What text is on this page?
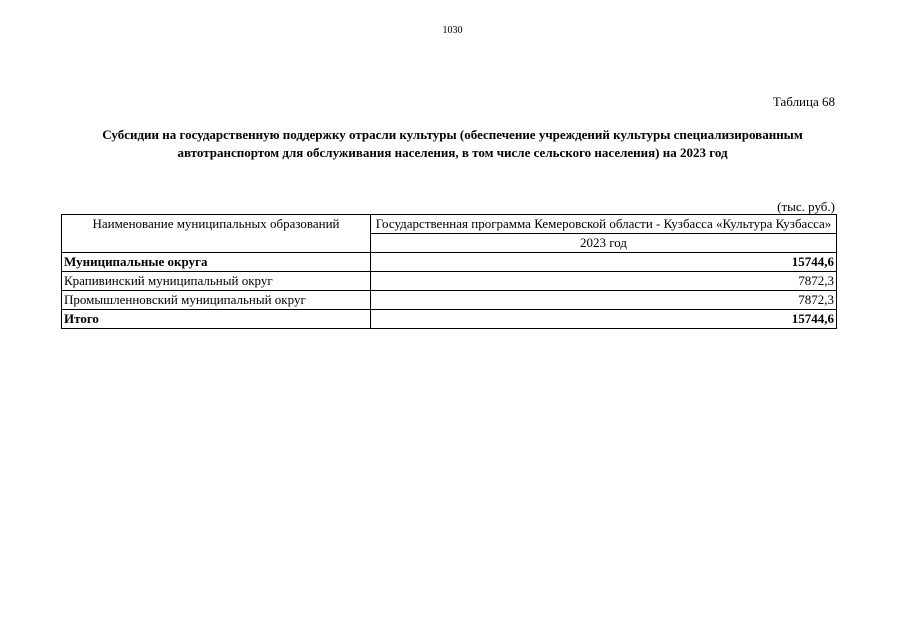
1030
Таблица 68
Субсидии на государственную поддержку отрасли культуры (обеспечение учреждений культуры специализированным автотранспортом для обслуживания населения, в том числе сельского населения) на 2023 год
(тыс. руб.)
Наименование муниципальных образований	Государственная программа Кемеровской области - Кузбасса «Культура Кузбасса»
	2023 год
Муниципальные округа	15744,6
Крапивинский муниципальный округ	7872,3
Промышленновский муниципальный округ	7872,3
Итого	15744,6
